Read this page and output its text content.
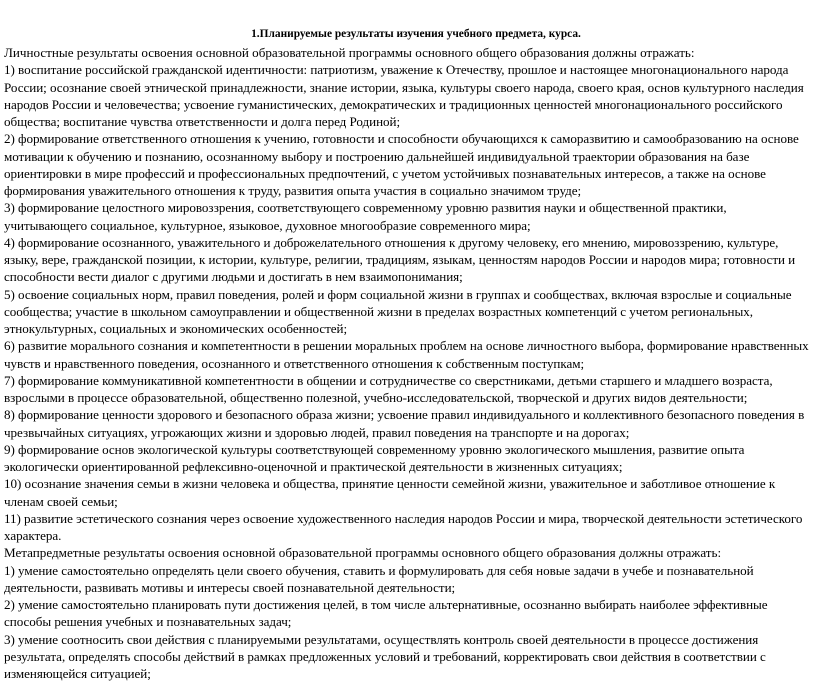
1.Планируемые результаты изучения учебного предмета, курса.

Личностные результаты освоения основной образовательной программы основного общего образования должны отражать:

1) воспитание российской гражданской идентичности: патриотизм, уважение к Отечеству, прошлое и настоящее многонационального народа России; осознание своей этнической принадлежности, знание истории, языка, культуры своего народа, своего края, основ культурного наследия народов России и человечества; усвоение гуманистических, демократических и традиционных ценностей многонационального российского общества; воспитание чувства ответственности и долга перед Родиной;

2) формирование ответственного отношения к учению, готовности и способности обучающихся к саморазвитию и самообразованию на основе мотивации к обучению и познанию, осознанному выбору и построению дальнейшей индивидуальной траектории образования на базе ориентировки в мире профессий и профессиональных предпочтений, с учетом устойчивых познавательных интересов, а также на основе формирования уважительного отношения к труду, развития опыта участия в социально значимом труде;

3) формирование целостного мировоззрения, соответствующего современному уровню развития науки и общественной практики, учитывающего социальное, культурное, языковое, духовное многообразие современного мира;

4) формирование осознанного, уважительного и доброжелательного отношения к другому человеку, его мнению, мировоззрению, культуре, языку, вере, гражданской позиции, к истории, культуре, религии, традициям, языкам, ценностям народов России и народов мира; готовности и способности вести диалог с другими людьми и достигать в нем взаимопонимания;

5) освоение социальных норм, правил поведения, ролей и форм социальной жизни в группах и сообществах, включая взрослые и социальные сообщества; участие в школьном самоуправлении и общественной жизни в пределах возрастных компетенций с учетом региональных, этнокультурных, социальных и экономических особенностей;

6) развитие морального сознания и компетентности в решении моральных проблем на основе личностного выбора, формирование нравственных чувств и нравственного поведения, осознанного и ответственного отношения к собственным поступкам;

7) формирование коммуникативной компетентности в общении и сотрудничестве со сверстниками, детьми старшего и младшего возраста, взрослыми в процессе образовательной, общественно полезной, учебно-исследовательской, творческой и других видов деятельности;

8) формирование ценности здорового и безопасного образа жизни; усвоение правил индивидуального и коллективного безопасного поведения в чрезвычайных ситуациях, угрожающих жизни и здоровью людей, правил поведения на транспорте и на дорогах;

9) формирование основ экологической культуры соответствующей современному уровню экологического мышления, развитие опыта экологически ориентированной рефлексивно-оценочной и практической деятельности в жизненных ситуациях;

10) осознание значения семьи в жизни человека и общества, принятие ценности семейной жизни, уважительное и заботливое отношение к членам своей семьи;

11) развитие эстетического сознания через освоение художественного наследия народов России и мира, творческой деятельности эстетического характера.

Метапредметные результаты освоения основной образовательной программы основного общего образования должны отражать:

1) умение самостоятельно определять цели своего обучения, ставить и формулировать для себя новые задачи в учебе и познавательной деятельности, развивать мотивы и интересы своей познавательной деятельности;

2) умение самостоятельно планировать пути достижения целей, в том числе альтернативные, осознанно выбирать наиболее эффективные способы решения учебных и познавательных задач;

3) умение соотносить свои действия с планируемыми результатами, осуществлять контроль своей деятельности в процессе достижения результата, определять способы действий в рамках предложенных условий и требований, корректировать свои действия в соответствии с изменяющейся ситуацией;
